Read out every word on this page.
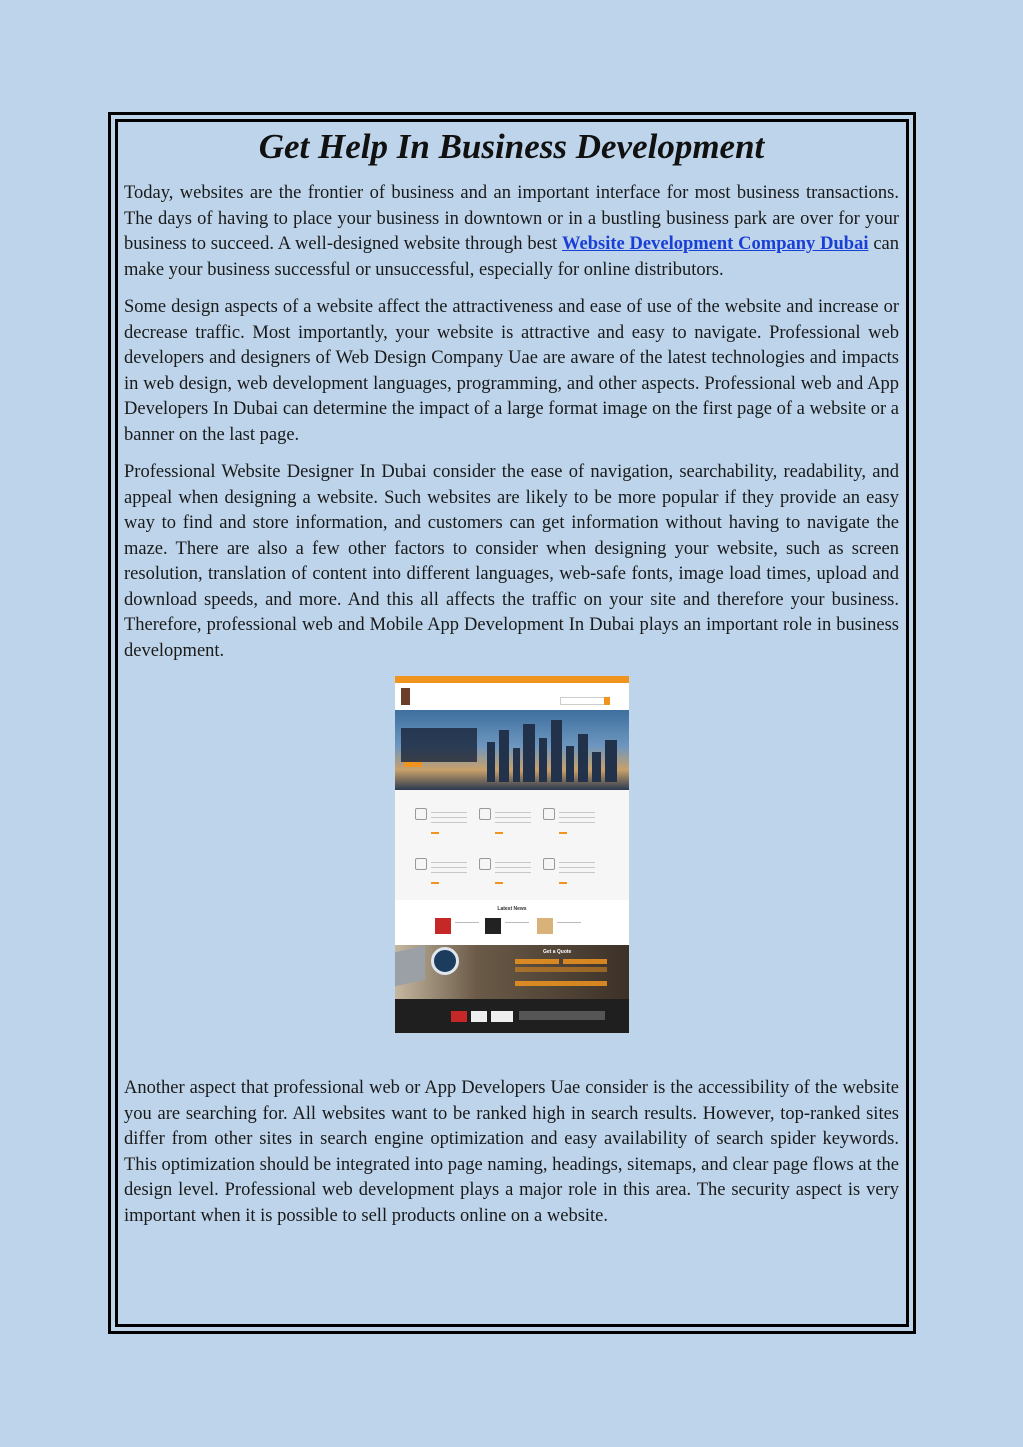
Get Help In Business Development

Today, websites are the frontier of business and an important interface for most business transactions. The days of having to place your business in downtown or in a bustling business park are over for your business to succeed. A well-designed website through best Website Development Company Dubai can make your business successful or unsuccessful, especially for online distributors.

Some design aspects of a website affect the attractiveness and ease of use of the website and increase or decrease traffic. Most importantly, your website is attractive and easy to navigate. Professional web developers and designers of Web Design Company Uae are aware of the latest technologies and impacts in web design, web development languages, programming, and other aspects. Professional web and App Developers In Dubai can determine the impact of a large format image on the first page of a website or a banner on the last page.

Professional Website Designer In Dubai consider the ease of navigation, searchability, readability, and appeal when designing a website. Such websites are likely to be more popular if they provide an easy way to find and store information, and customers can get information without having to navigate the maze. There are also a few other factors to consider when designing your website, such as screen resolution, translation of content into different languages, web-safe fonts, image load times, upload and download speeds, and more. And this all affects the traffic on your site and therefore your business. Therefore, professional web and Mobile App Development In Dubai plays an important role in business development.

Latest News
Get a Quote

Another aspect that professional web or App Developers Uae consider is the accessibility of the website you are searching for. All websites want to be ranked high in search results. However, top-ranked sites differ from other sites in search engine optimization and easy availability of search spider keywords. This optimization should be integrated into page naming, headings, sitemaps, and clear page flows at the design level. Professional web development plays a major role in this area. The security aspect is very important when it is possible to sell products online on a website.
